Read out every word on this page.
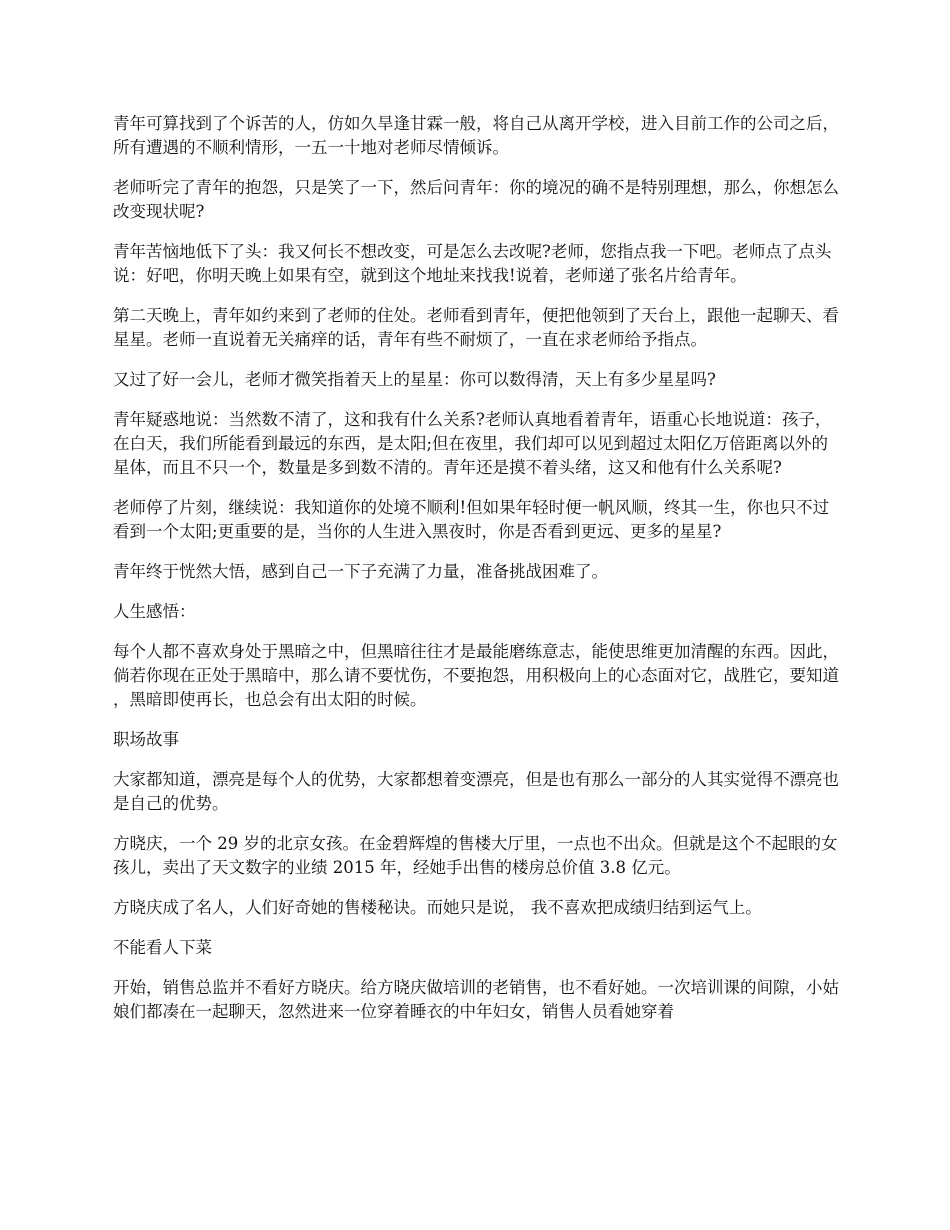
青年可算找到了个诉苦的人，仿如久旱逢甘霖一般，将自己从离开学校，进入目前工作的公司之后，所有遭遇的不顺利情形，一五一十地对老师尽情倾诉。

老师听完了青年的抱怨，只是笑了一下，然后问青年：你的境况的确不是特别理想，那么，你想怎么改变现状呢?

青年苦恼地低下了头：我又何长不想改变，可是怎么去改呢?老师，您指点我一下吧。老师点了点头说：好吧，你明天晚上如果有空，就到这个地址来找我!说着，老师递了张名片给青年。

第二天晚上，青年如约来到了老师的住处。老师看到青年，便把他领到了天台上，跟他一起聊天、看星星。老师一直说着无关痛痒的话，青年有些不耐烦了，一直在求老师给予指点。

又过了好一会儿，老师才微笑指着天上的星星：你可以数得清，天上有多少星星吗?

青年疑惑地说：当然数不清了，这和我有什么关系?老师认真地看着青年，语重心长地说道：孩子，在白天，我们所能看到最远的东西，是太阳;但在夜里，我们却可以见到超过太阳亿万倍距离以外的星体，而且不只一个，数量是多到数不清的。青年还是摸不着头绪，这又和他有什么关系呢?

老师停了片刻，继续说：我知道你的处境不顺利!但如果年轻时便一帆风顺，终其一生，你也只不过看到一个太阳;更重要的是，当你的人生进入黑夜时，你是否看到更远、更多的星星?

青年终于恍然大悟，感到自己一下子充满了力量，准备挑战困难了。

人生感悟：

每个人都不喜欢身处于黑暗之中，但黑暗往往才是最能磨练意志，能使思维更加清醒的东西。因此，倘若你现在正处于黑暗中，那么请不要忧伤，不要抱怨，用积极向上的心态面对它，战胜它，要知道，黑暗即使再长，也总会有出太阳的时候。

职场故事

大家都知道，漂亮是每个人的优势，大家都想着变漂亮，但是也有那么一部分的人其实觉得不漂亮也是自己的优势。

方晓庆，一个 29 岁的北京女孩。在金碧辉煌的售楼大厅里，一点也不出众。但就是这个不起眼的女孩儿，卖出了天文数字的业绩 2015 年，经她手出售的楼房总价值 3.8 亿元。

方晓庆成了名人，人们好奇她的售楼秘诀。而她只是说， 我不喜欢把成绩归结到运气上。

不能看人下菜

开始，销售总监并不看好方晓庆。给方晓庆做培训的老销售，也不看好她。一次培训课的间隙，小姑娘们都凑在一起聊天，忽然进来一位穿着睡衣的中年妇女，销售人员看她穿着
